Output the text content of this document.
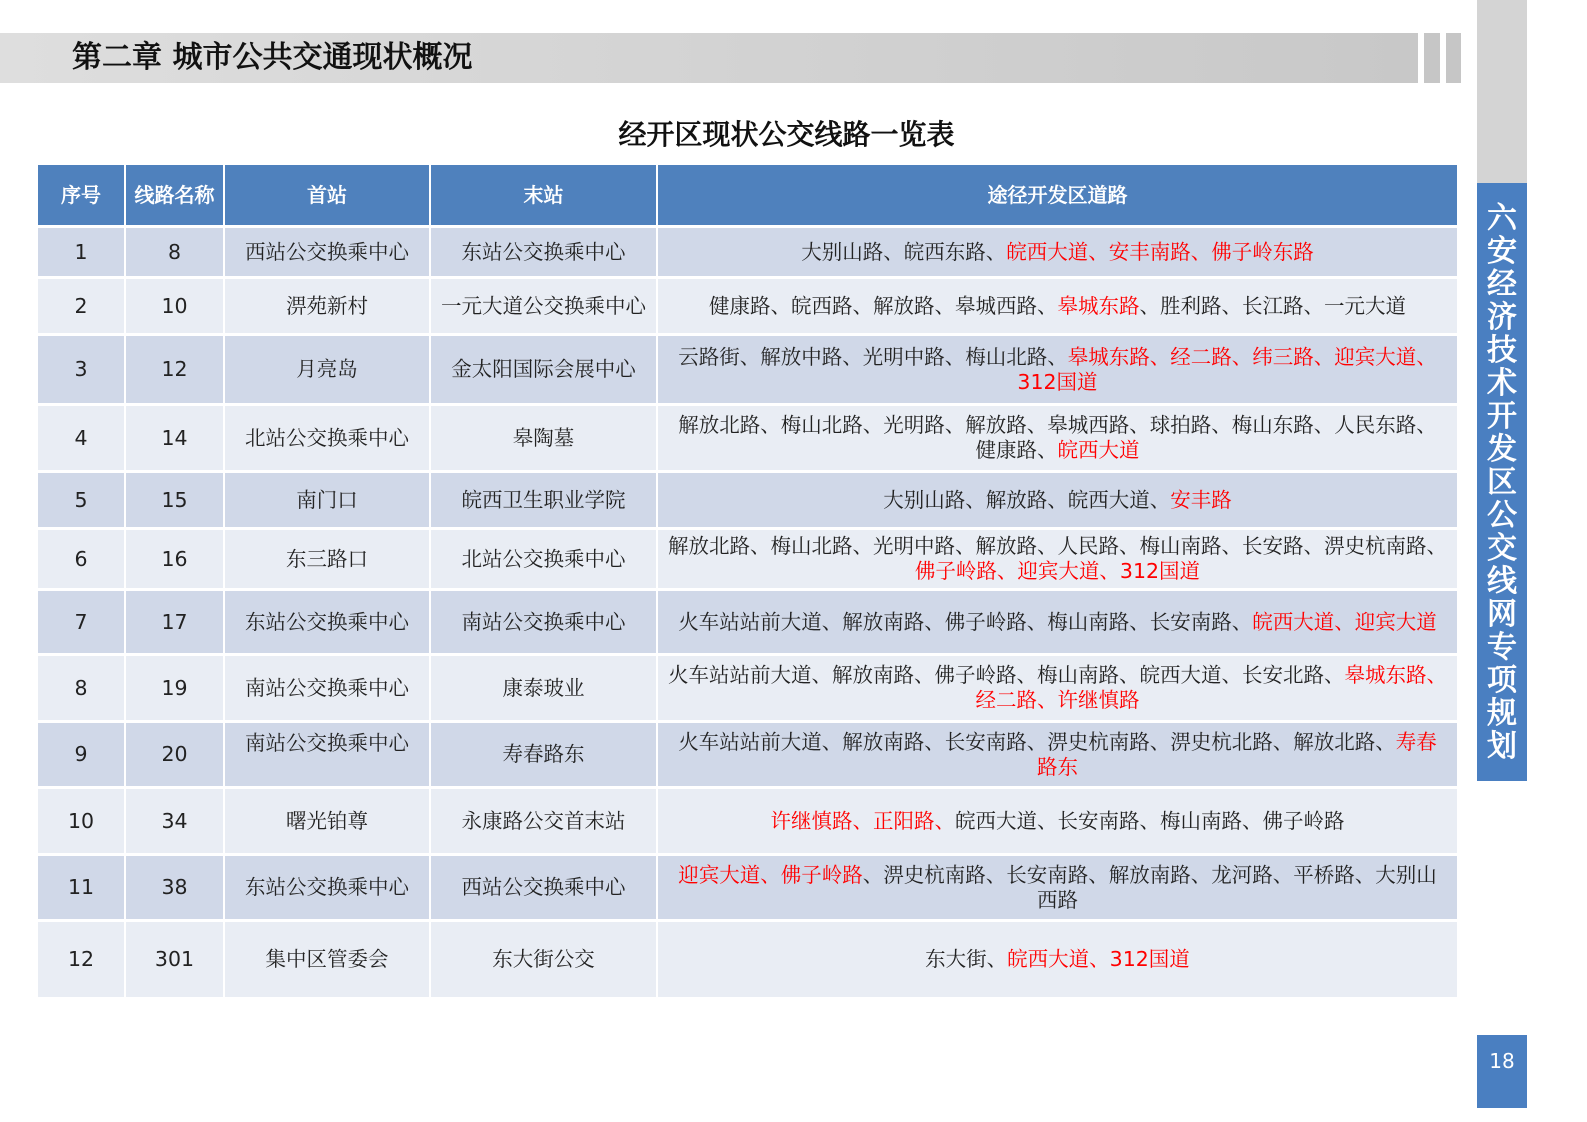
第二章 城市公共交通现状概况
六安经济技术开发区公交线网专项规划
18
经开区现状公交线路一览表
序号	线路名称	首站	末站	途径开发区道路
1	8	西站公交换乘中心	东站公交换乘中心	大别山路、皖西东路、皖西大道、安丰南路、佛子岭东路

2	10	淠苑新村	一元大道公交换乘中心	健康路、皖西路、解放路、皋城西路、皋城东路、胜利路、长江路、一元大道

3	12	月亮岛	金太阳国际会展中心	云路街、解放中路、光明中路、梅山北路、皋城东路、经二路、纬三路、迎宾大道、
312国道

4	14	北站公交换乘中心	皋陶墓	解放北路、梅山北路、光明路、解放路、皋城西路、球拍路、梅山东路、人民东路、
健康路、皖西大道

5	15	南门口	皖西卫生职业学院	大别山路、解放路、皖西大道、安丰路

6	16	东三路口	北站公交换乘中心	解放北路、梅山北路、光明中路、解放路、人民路、梅山南路、长安路、淠史杭南路、
佛子岭路、迎宾大道、312国道

7	17	东站公交换乘中心	南站公交换乘中心	火车站站前大道、解放南路、佛子岭路、梅山南路、长安南路、皖西大道、迎宾大道

8	19	南站公交换乘中心	康泰玻业	火车站站前大道、解放南路、佛子岭路、梅山南路、皖西大道、长安北路、皋城东路、
经二路、许继慎路

9	20	南站公交换乘中心	寿春路东	火车站站前大道、解放南路、长安南路、淠史杭南路、淠史杭北路、解放北路、寿春
路东

10	34	曙光铂尊	永康路公交首末站	许继慎路、正阳路、皖西大道、长安南路、梅山南路、佛子岭路

11	38	东站公交换乘中心	西站公交换乘中心	迎宾大道、佛子岭路、淠史杭南路、长安南路、解放南路、龙河路、平桥路、大别山
西路

12	301	集中区管委会	东大街公交	东大街、皖西大道、312国道
